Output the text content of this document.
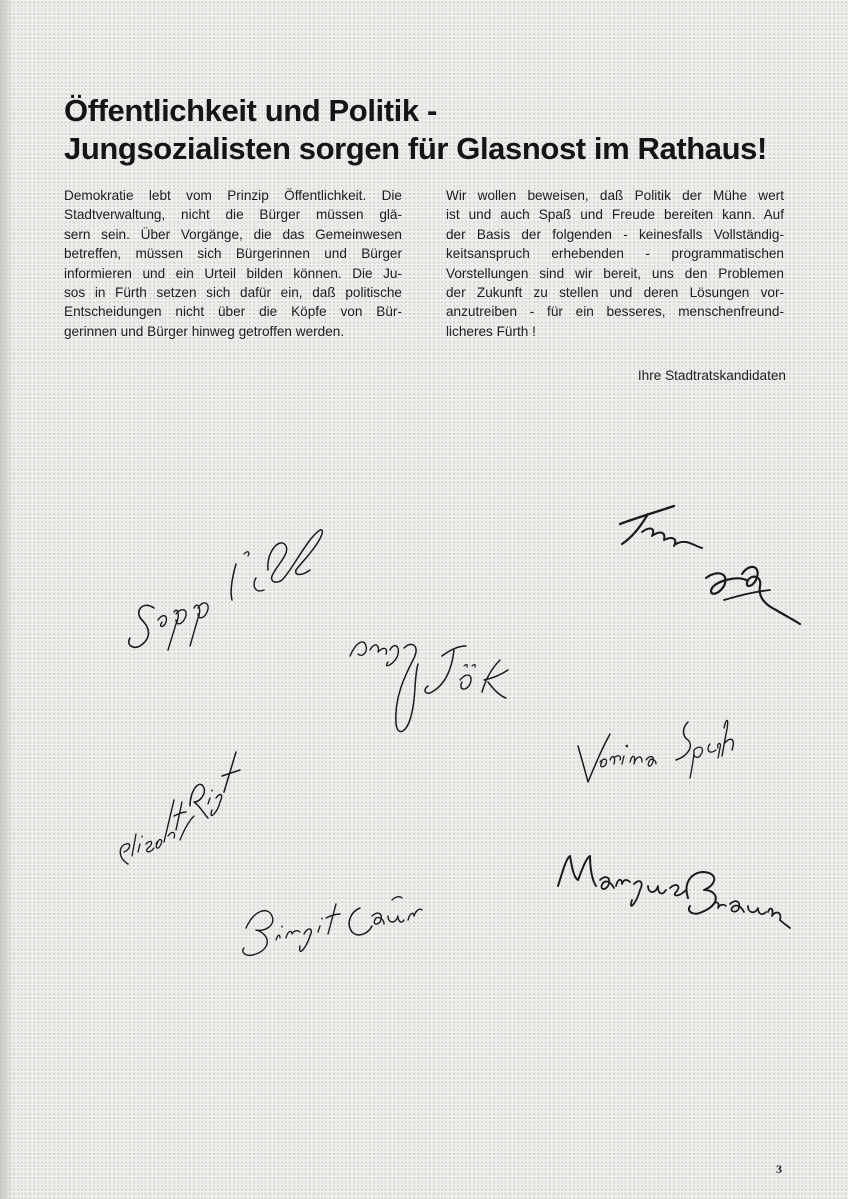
Öffentlichkeit und Politik -
Jungsozialisten sorgen für Glasnost im Rathaus!
Demokratie lebt vom Prinzip Öffentlichkeit. Die
Stadtverwaltung, nicht die Bürger müssen glä-
sern sein. Über Vorgänge, die das Gemeinwesen
betreffen, müssen sich Bürgerinnen und Bürger
informieren und ein Urteil bilden können. Die Ju-
sos in Fürth setzen sich dafür ein, daß politische
Entscheidungen nicht über die Köpfe von Bür-
gerinnen und Bürger hinweg getroffen werden.
Wir wollen beweisen, daß Politik der Mühe wert
ist und auch Spaß und Freude bereiten kann. Auf
der Basis der folgenden - keinesfalls Vollständig-
keitsanspruch erhebenden - programmatischen
Vorstellungen sind wir bereit, uns den Problemen
der Zukunft zu stellen und deren Lösungen vor-
anzutreiben - für ein besseres, menschenfreund-
licheres Fürth !
Ihre Stadtratskandidaten
3
